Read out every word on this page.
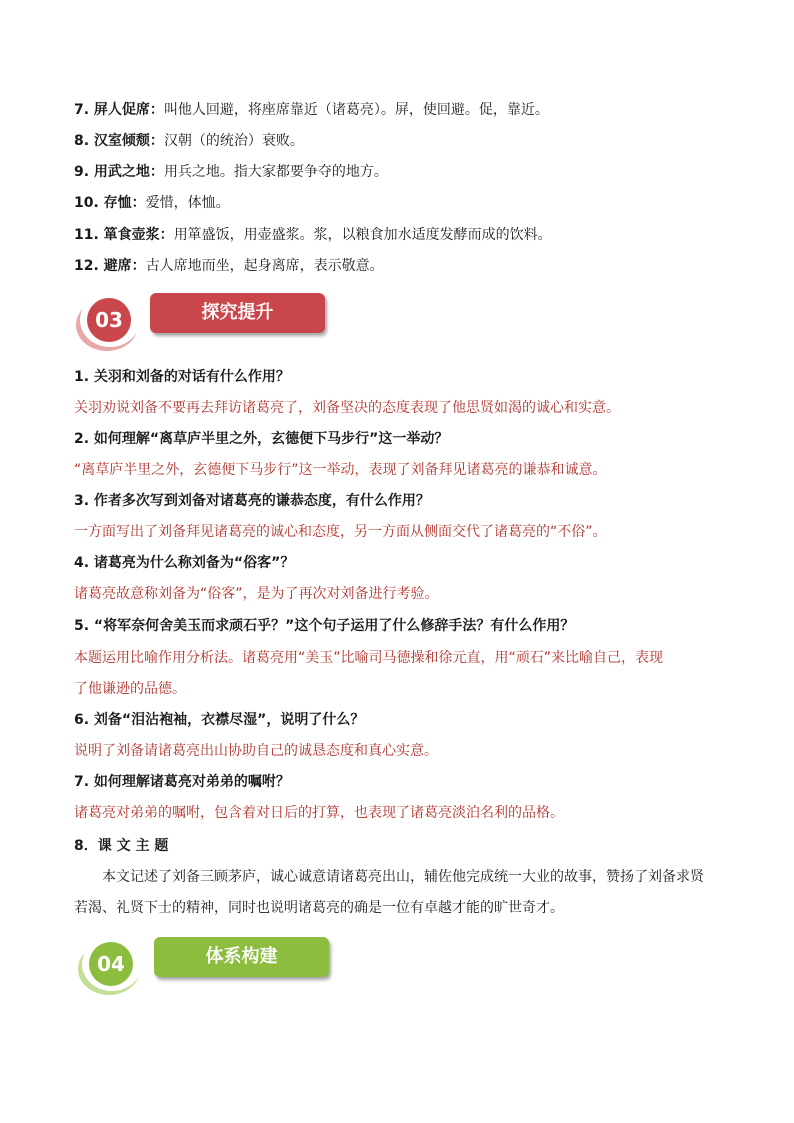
7. 屏人促席：叫他人回避，将座席靠近（诸葛亮）。屏，使回避。促，靠近。
8. 汉室倾颓：汉朝（的统治）衰败。
9. 用武之地：用兵之地。指大家都要争夺的地方。
10. 存恤：爱惜，体恤。
11. 箪食壶浆：用箪盛饭，用壶盛浆。浆，以粮食加水适度发酵而成的饮料。
12. 避席：古人席地而坐，起身离席，表示敬意。
03	探究提升
1. 关羽和刘备的对话有什么作用？
关羽劝说刘备不要再去拜访诸葛亮了，刘备坚决的态度表现了他思贤如渴的诚心和实意。
2. 如何理解“离草庐半里之外，玄德便下马步行”这一举动？
“离草庐半里之外，玄德便下马步行”这一举动，表现了刘备拜见诸葛亮的谦恭和诚意。
3. 作者多次写到刘备对诸葛亮的谦恭态度，有什么作用？
一方面写出了刘备拜见诸葛亮的诚心和态度，另一方面从侧面交代了诸葛亮的“不俗”。
4. 诸葛亮为什么称刘备为“俗客”？
诸葛亮故意称刘备为“俗客”，是为了再次对刘备进行考验。
5. “将军奈何舍美玉而求顽石乎？”这个句子运用了什么修辞手法？有什么作用？
本题运用比喻作用分析法。诸葛亮用“美玉”比喻司马德操和徐元直，用“顽石”来比喻自己，表现
了他谦逊的品德。
6. 刘备“泪沾袍袖，衣襟尽湿”，说明了什么？
说明了刘备请诸葛亮出山协助自己的诚恳态度和真心实意。
7. 如何理解诸葛亮对弟弟的嘱咐？
诸葛亮对弟弟的嘱咐，包含着对日后的打算，也表现了诸葛亮淡泊名利的品格。
8．课 文 主 题
本文记述了刘备三顾茅庐，诚心诚意请诸葛亮出山，辅佐他完成统一大业的故事，赞扬了刘备求贤
若渴、礼贤下士的精神，同时也说明诸葛亮的确是一位有卓越才能的旷世奇才。
04	体系构建
